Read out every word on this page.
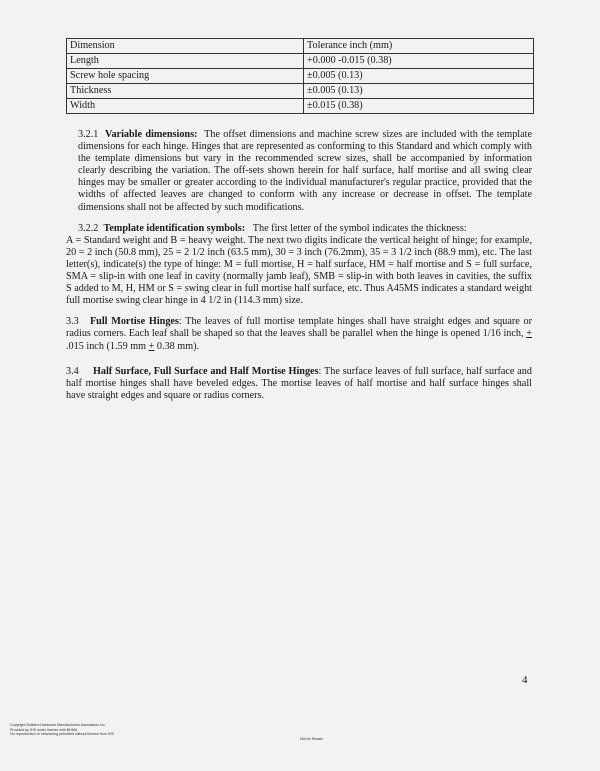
Dimension	Tolerance inch (mm)
Length	+0.000 -0.015 (0.38)
Screw hole spacing	±0.005 (0.13)
Thickness	±0.005 (0.13)
Width	±0.015 (0.38)

3.2.1 Variable dimensions: The offset dimensions and machine screw sizes are included with the template dimensions for each hinge. Hinges that are represented as conforming to this Standard and which comply with the template dimensions but vary in the recommended screw sizes, shall be accompanied by information clearly describing the variation. The off-sets shown herein for half surface, half mortise and all swing clear hinges may be smaller or greater according to the individual manufacturer's regular practice, provided that the widths of affected leaves are changed to conform with any increase or decrease in offset. The template dimensions shall not be affected by such modifications.

3.2.2 Template identification symbols: The first letter of the symbol indicates the thickness:
A = Standard weight and B = heavy weight. The next two digits indicate the vertical height of hinge; for example, 20 = 2 inch (50.8 mm), 25 = 2 1/2 inch (63.5 mm), 30 = 3 inch (76.2mm), 35 = 3 1/2 inch (88.9 mm), etc. The last letter(s), indicate(s) the type of hinge: M = full mortise, H = half surface, HM = half mortise and S = full surface, SMA = slip-in with one leaf in cavity (normally jamb leaf), SMB = slip-in with both leaves in cavities, the suffix S added to M, H, HM or S = swing clear in full mortise half surface, etc. Thus A45MS indicates a standard weight full mortise swing clear hinge in 4 1/2 in (114.3 mm) size.

3.3 Full Mortise Hinges: The leaves of full mortise template hinges shall have straight edges and square or radius corners. Each leaf shall be shaped so that the leaves shall be parallel when the hinge is opened 1/16 inch, + .015 inch (1.59 mm + 0.38 mm).

3.4 Half Surface, Full Surface and Half Mortise Hinges: The surface leaves of full surface, half surface and half mortise hinges shall have beveled edges. The mortise leaves of half mortise and half surface hinges shall have straight edges and square or radius corners.

4
Copyright Builders Hardware Manufacturers Association Inc.
Provided by IHS under license with BHMA
No reproduction or networking permitted without license from IHS
Not for Resale
